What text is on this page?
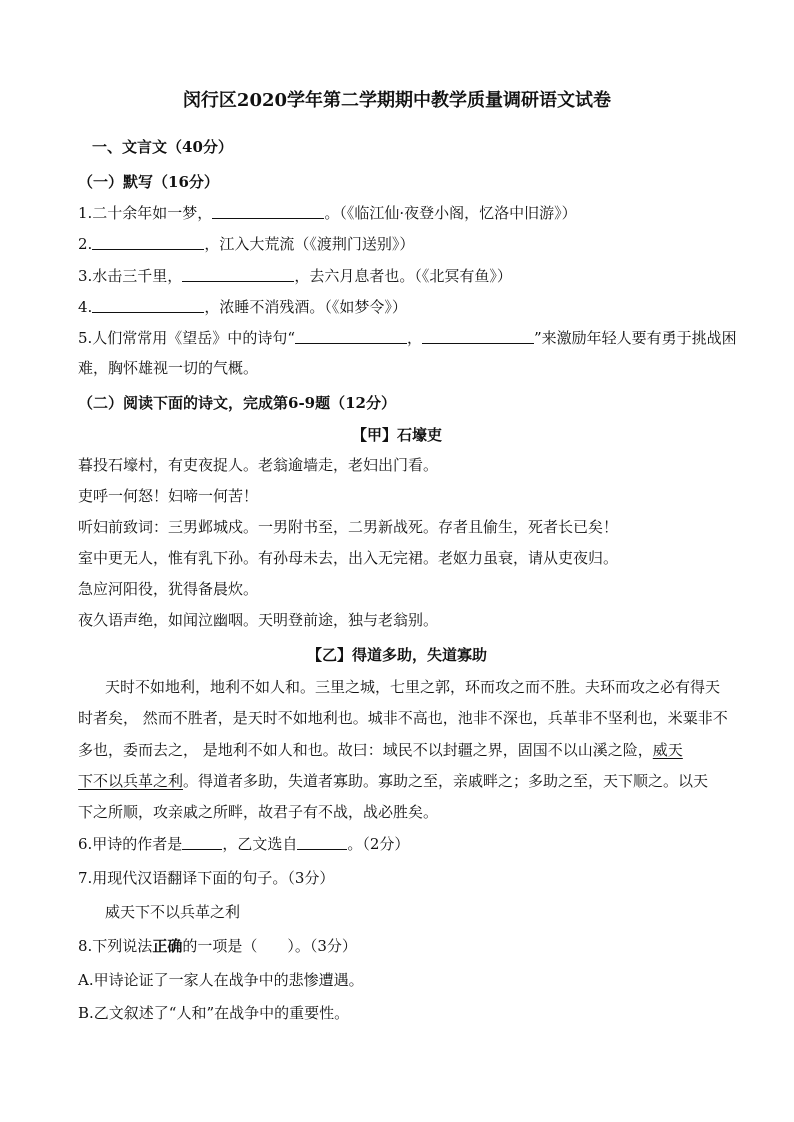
闵行区2020学年第二学期期中教学质量调研语文试卷
一、文言文（40分）
（一）默写（16分）
1.二十余年如一梦，	。（《临江仙·夜登小阁，忆洛中旧游》）
2.	，江入大荒流（《渡荆门送别》）
3.水击三千里，	，去六月息者也。（《北冥有鱼》）
4.	，浓睡不消残酒。（《如梦令》）
5.人们常常用《望岳》中的诗句“	，	”来激励年轻人要有勇于挑战困
难，胸怀雄视一切的气概。
（二）阅读下面的诗文，完成第6-9题（12分）
【甲】石壕吏
暮投石壕村，有吏夜捉人。老翁逾墙走，老妇出门看。
吏呼一何怒！妇啼一何苦！
听妇前致词：三男邺城戍。一男附书至，二男新战死。存者且偷生，死者长已矣！
室中更无人，惟有乳下孙。有孙母未去，出入无完裙。老妪力虽衰，请从吏夜归。
急应河阳役，犹得备晨炊。
夜久语声绝，如闻泣幽咽。天明登前途，独与老翁别。
【乙】得道多助，失道寡助
天时不如地利，地利不如人和。三里之城，七里之郭，环而攻之而不胜。夫环而攻之必有得天
时者矣， 然而不胜者，是天时不如地利也。城非不高也，池非不深也，兵革非不坚利也，米粟非不
多也，委而去之， 是地利不如人和也。故曰：域民不以封疆之界，固国不以山溪之险，威天
下不以兵革之利。得道者多助，失道者寡助。寡助之至，亲戚畔之；多助之至，天下顺之。以天
下之所顺，攻亲戚之所畔，故君子有不战，战必胜矣。
6.甲诗的作者是	，乙文选自	。（2分）
7.用现代汉语翻译下面的句子。（3分）
威天下不以兵革之利
8.下列说法正确的一项是（　　）。（3分）
A.甲诗论证了一家人在战争中的悲惨遭遇。
B.乙文叙述了“人和”在战争中的重要性。
